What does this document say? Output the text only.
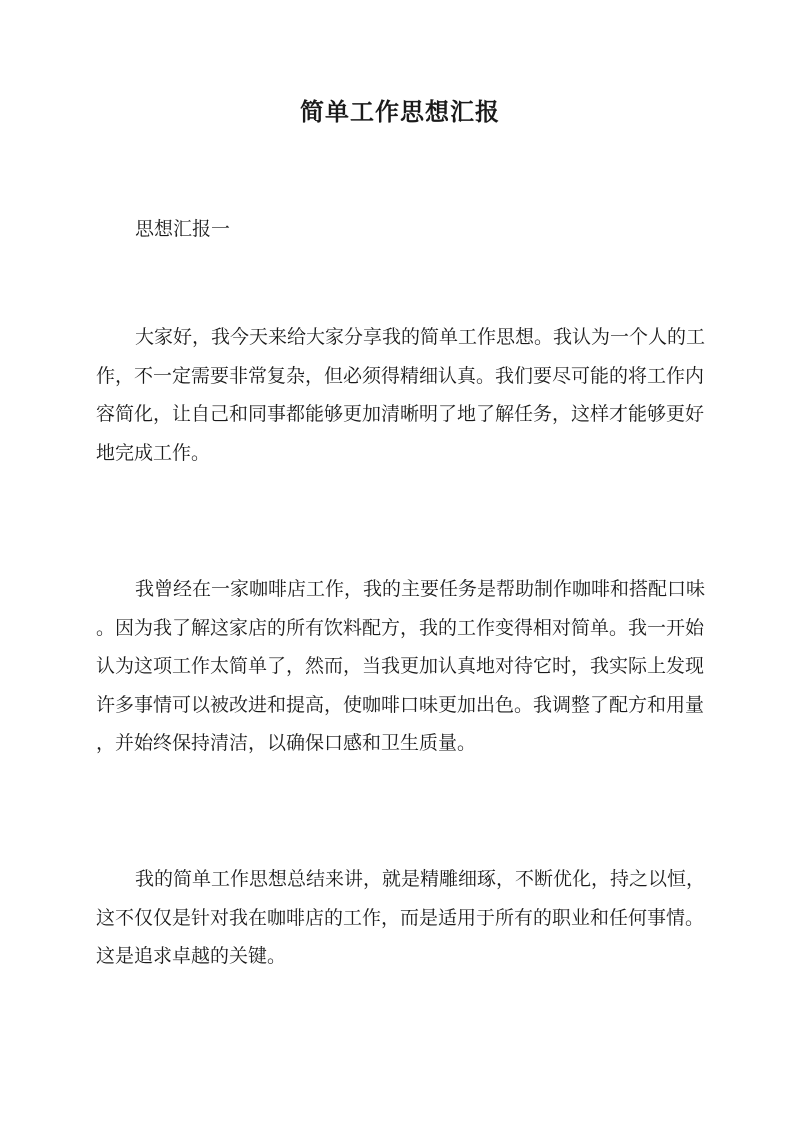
简单工作思想汇报

思想汇报一

大家好，我今天来给大家分享我的简单工作思想。我认为一个人的工
作，不一定需要非常复杂，但必须得精细认真。我们要尽可能的将工作内
容简化，让自己和同事都能够更加清晰明了地了解任务，这样才能够更好
地完成工作。
我曾经在一家咖啡店工作，我的主要任务是帮助制作咖啡和搭配口味
。因为我了解这家店的所有饮料配方，我的工作变得相对简单。我一开始
认为这项工作太简单了，然而，当我更加认真地对待它时，我实际上发现
许多事情可以被改进和提高，使咖啡口味更加出色。我调整了配方和用量
，并始终保持清洁，以确保口感和卫生质量。
我的简单工作思想总结来讲，就是精雕细琢，不断优化，持之以恒，
这不仅仅是针对我在咖啡店的工作，而是适用于所有的职业和任何事情。
这是追求卓越的关键。
